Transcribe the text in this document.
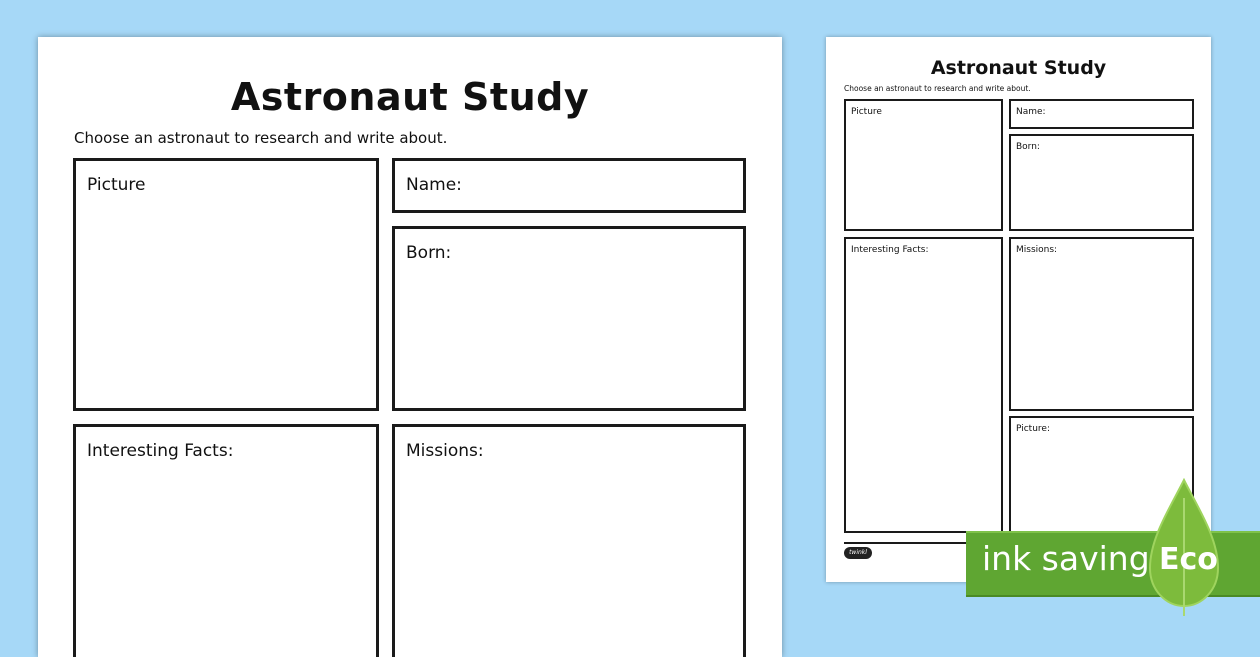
Astronaut Study
Choose an astronaut to research and write about.
Picture	Name:
Born:
Interesting Facts:	Missions:
Astronaut Study
Choose an astronaut to research and write about.
Picture	Name:
Born:
Interesting Facts:	Missions:
Picture:
twinkl	ink saving Eco
